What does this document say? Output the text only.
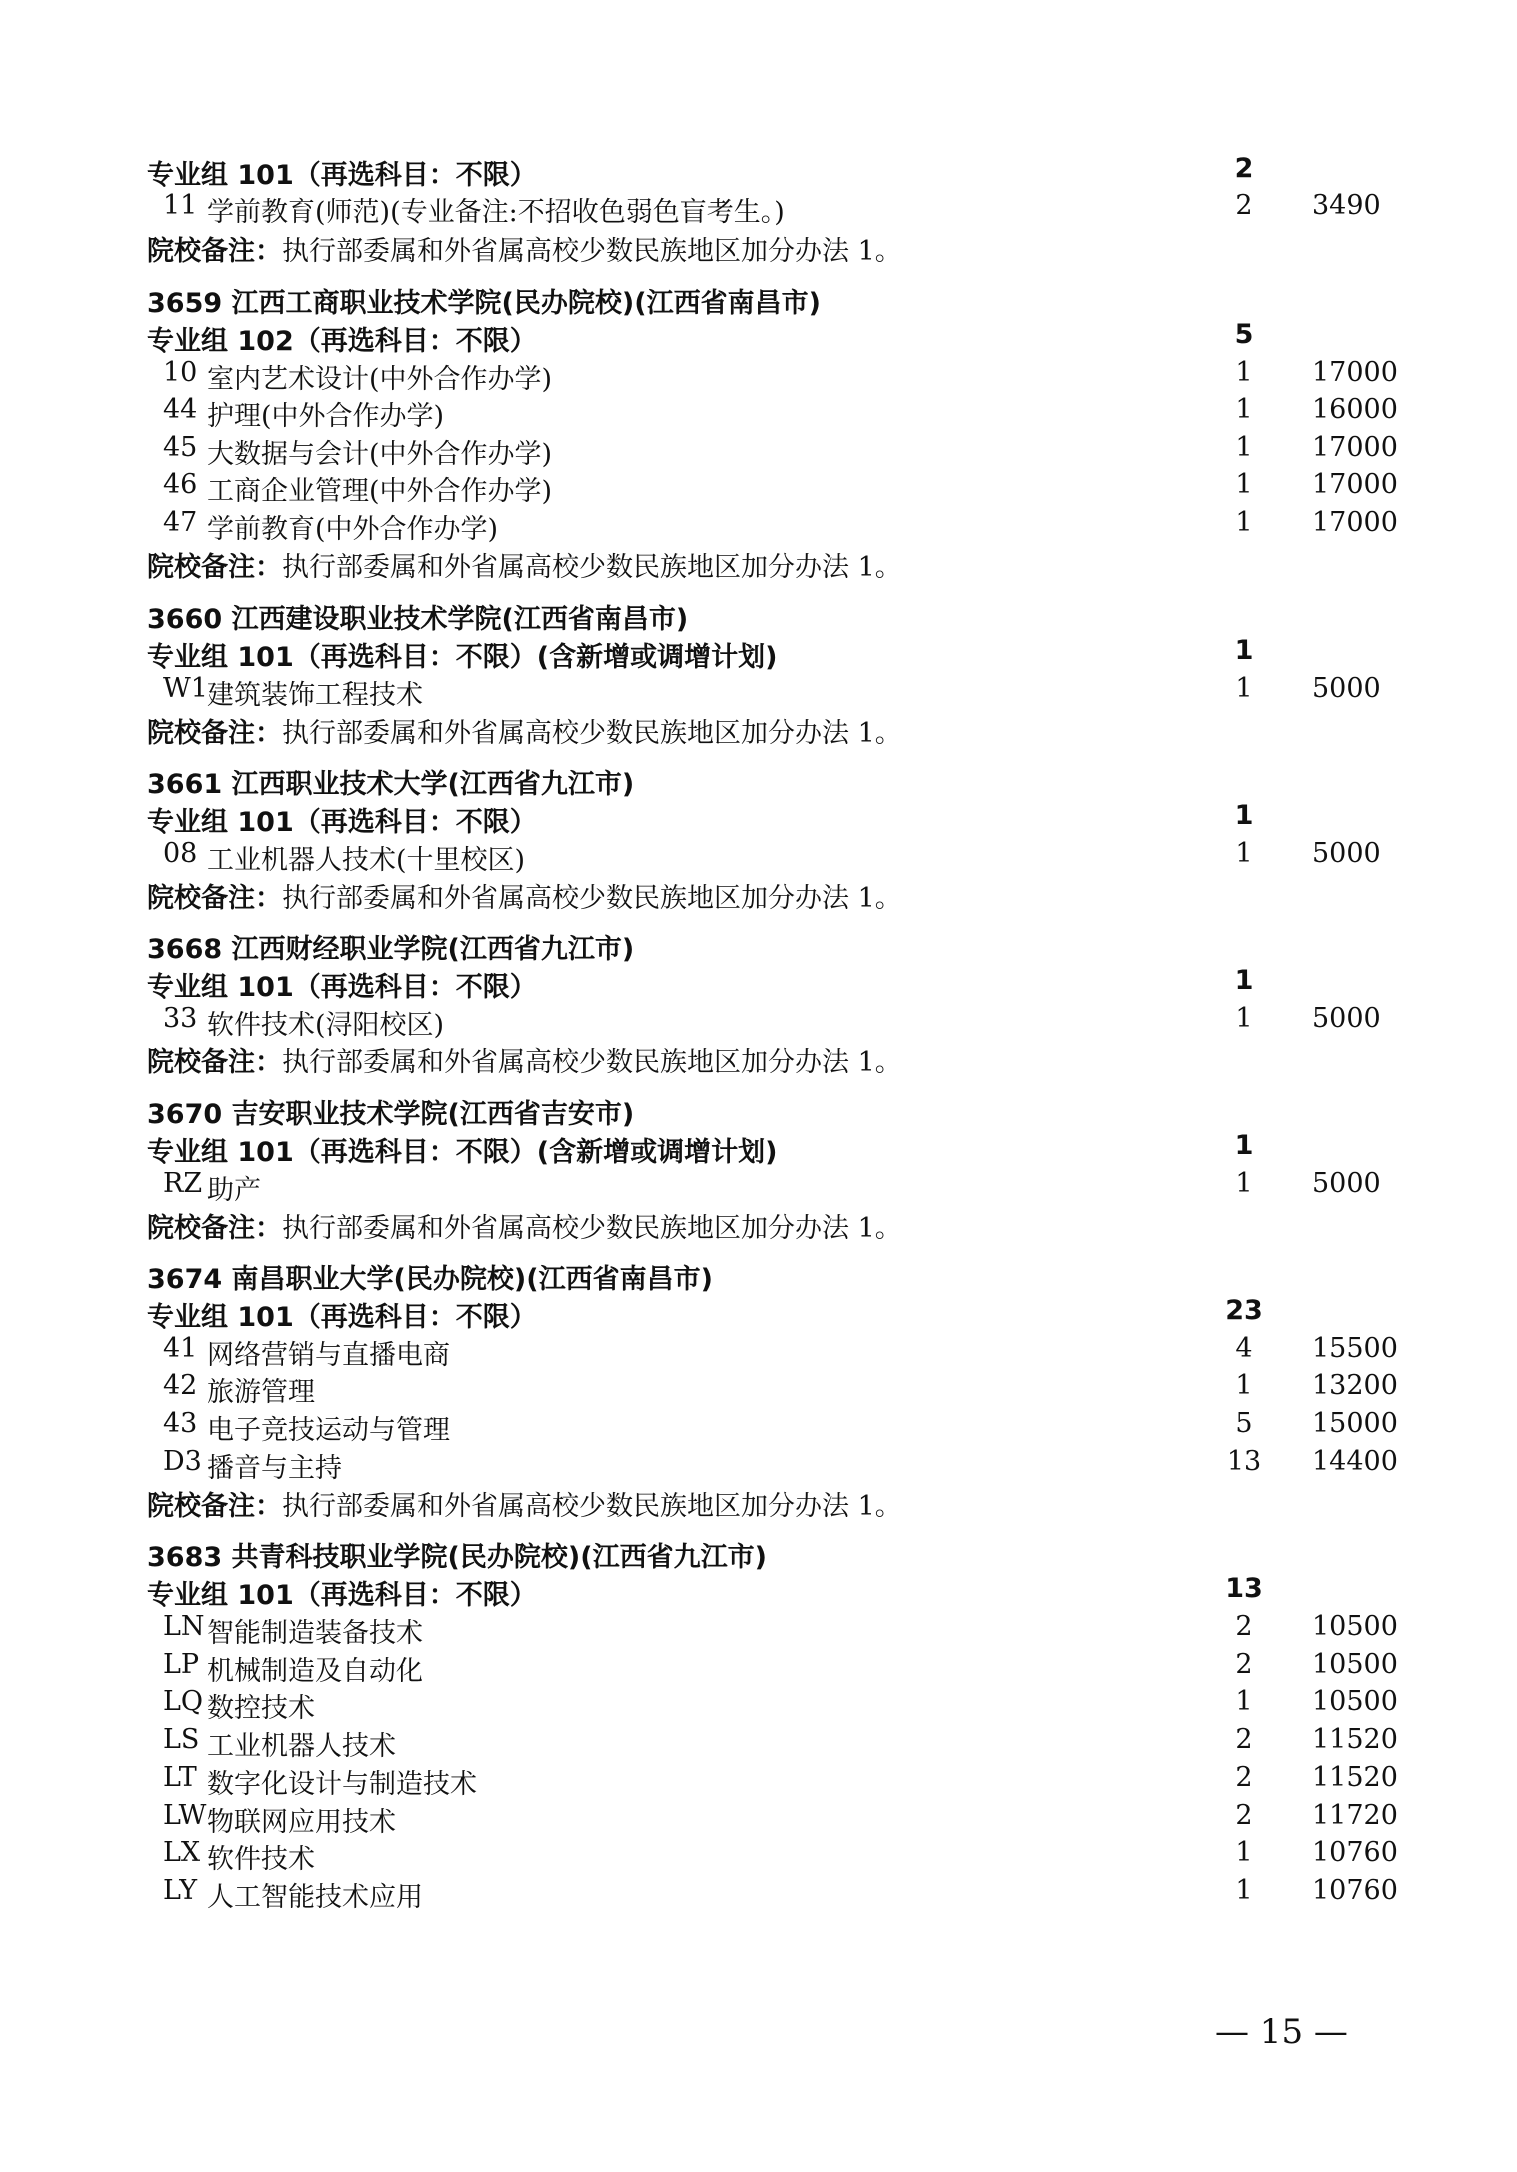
专业组 101（再选科目：不限）	2
11 学前教育(师范)(专业备注:不招收色弱色盲考生。)	2	3490
院校备注：执行部委属和外省属高校少数民族地区加分办法 1。
3659 江西工商职业技术学院(民办院校)(江西省南昌市)
专业组 102（再选科目：不限）	5
10 室内艺术设计(中外合作办学)	1	17000
44 护理(中外合作办学)	1	16000
45 大数据与会计(中外合作办学)	1	17000
46 工商企业管理(中外合作办学)	1	17000
47 学前教育(中外合作办学)	1	17000
院校备注：执行部委属和外省属高校少数民族地区加分办法 1。
3660 江西建设职业技术学院(江西省南昌市)
专业组 101（再选科目：不限）(含新增或调增计划)	1
W1 建筑装饰工程技术	1	5000
院校备注：执行部委属和外省属高校少数民族地区加分办法 1。
3661 江西职业技术大学(江西省九江市)
专业组 101（再选科目：不限）	1
08 工业机器人技术(十里校区)	1	5000
院校备注：执行部委属和外省属高校少数民族地区加分办法 1。
3668 江西财经职业学院(江西省九江市)
专业组 101（再选科目：不限）	1
33 软件技术(浔阳校区)	1	5000
院校备注：执行部委属和外省属高校少数民族地区加分办法 1。
3670 吉安职业技术学院(江西省吉安市)
专业组 101（再选科目：不限）(含新增或调增计划)	1
RZ 助产	1	5000
院校备注：执行部委属和外省属高校少数民族地区加分办法 1。
3674 南昌职业大学(民办院校)(江西省南昌市)
专业组 101（再选科目：不限）	23
41 网络营销与直播电商	4	15500
42 旅游管理	1	13200
43 电子竞技运动与管理	5	15000
D3 播音与主持	13	14400
院校备注：执行部委属和外省属高校少数民族地区加分办法 1。
3683 共青科技职业学院(民办院校)(江西省九江市)
专业组 101（再选科目：不限）	13
LN 智能制造装备技术	2	10500
LP 机械制造及自动化	2	10500
LQ 数控技术	1	10500
LS 工业机器人技术	2	11520
LT 数字化设计与制造技术	2	11520
LW 物联网应用技术	2	11720
LX 软件技术	1	10760
LY 人工智能技术应用	1	10760
— 15 —
